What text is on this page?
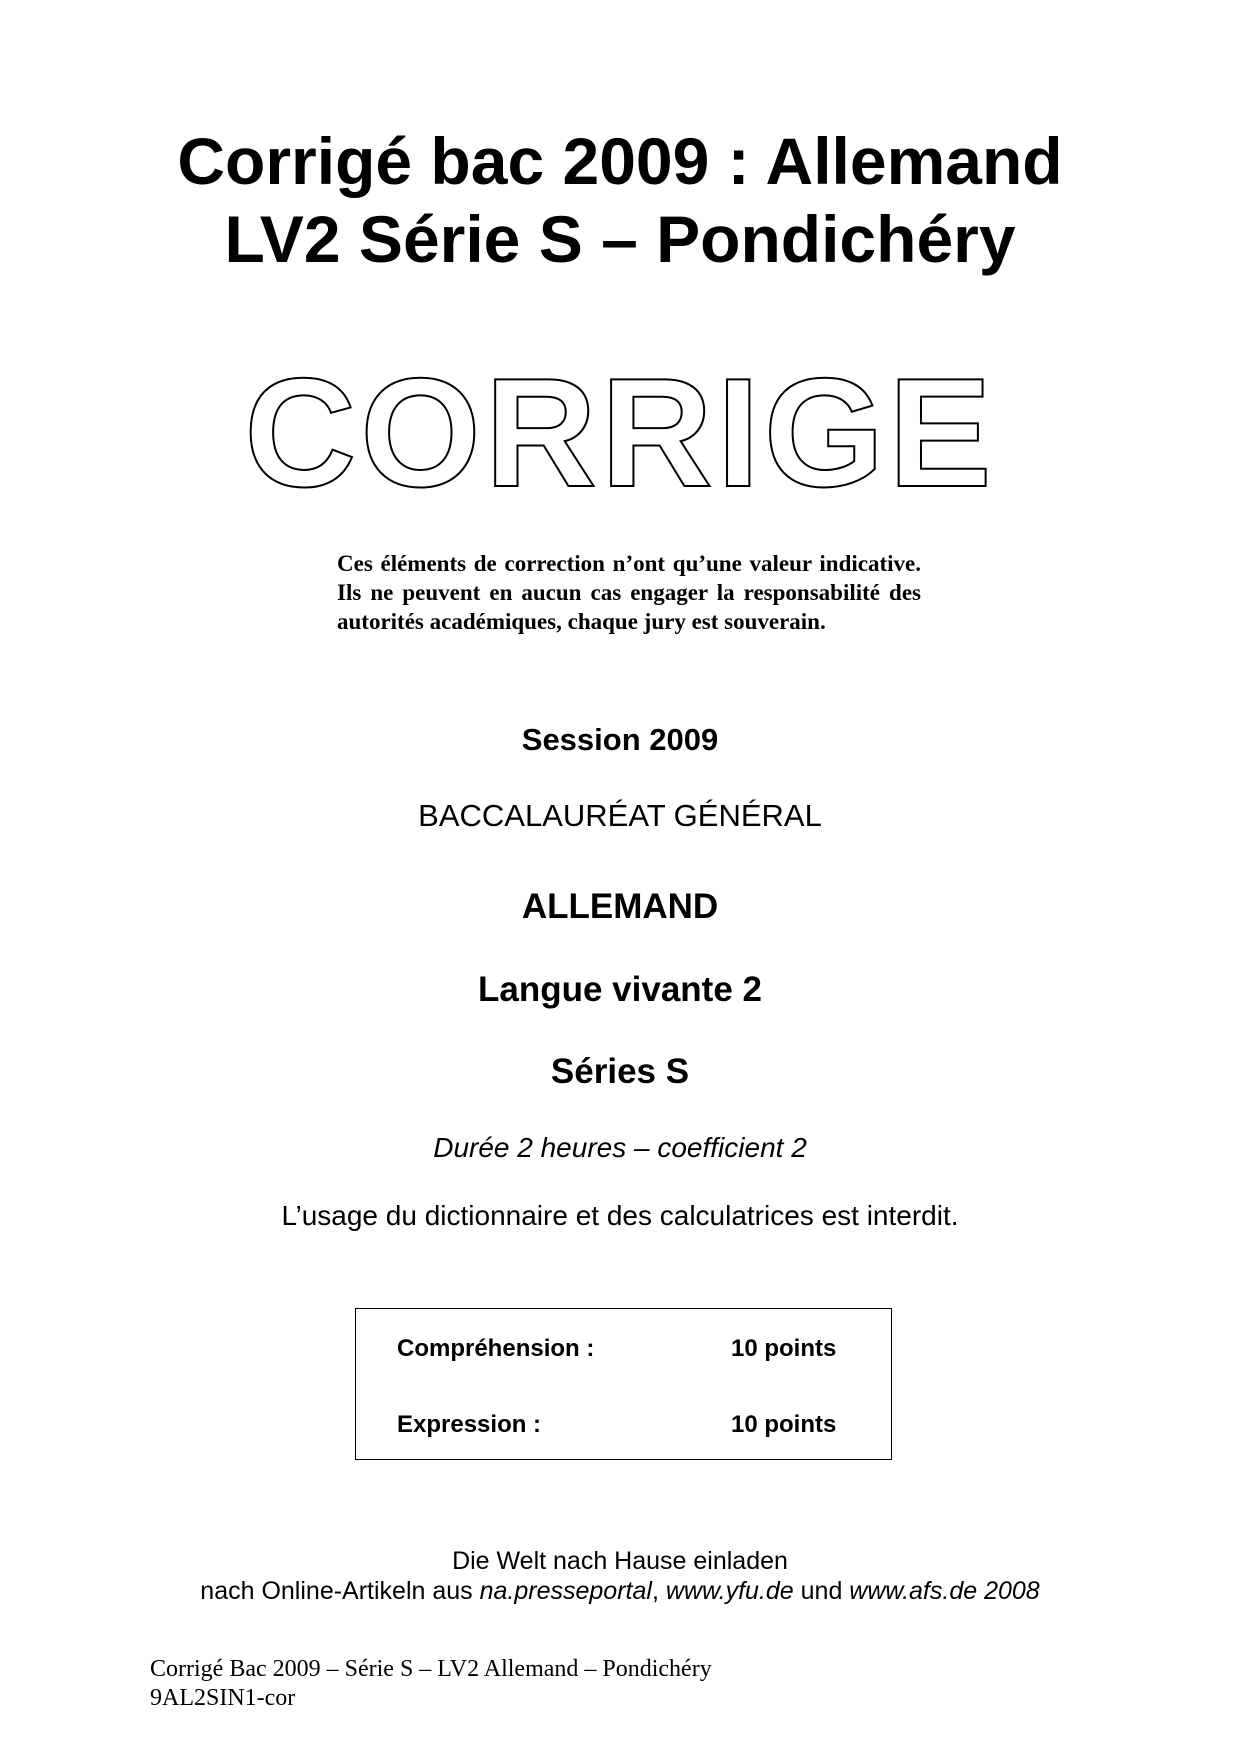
Corrigé bac 2009 : Allemand
LV2 Série S – Pondichéry
CORRIGE

Ces éléments de correction n’ont qu’une valeur indicative. Ils ne peuvent en aucun cas engager la responsabilité des autorités académiques, chaque jury est souverain.

Session 2009
BACCALAURÉAT GÉNÉRAL
ALLEMAND
Langue vivante 2
Séries S
Durée 2 heures – coefficient 2
L’usage du dictionnaire et des calculatrices est interdit.
Compréhension :	10 points
Expression :	10 points
Die Welt nach Hause einladen
nach Online-Artikeln aus na.presseportal, www.yfu.de und www.afs.de 2008
Corrigé Bac 2009 – Série S – LV2 Allemand – Pondichéry
9AL2SIN1-cor
